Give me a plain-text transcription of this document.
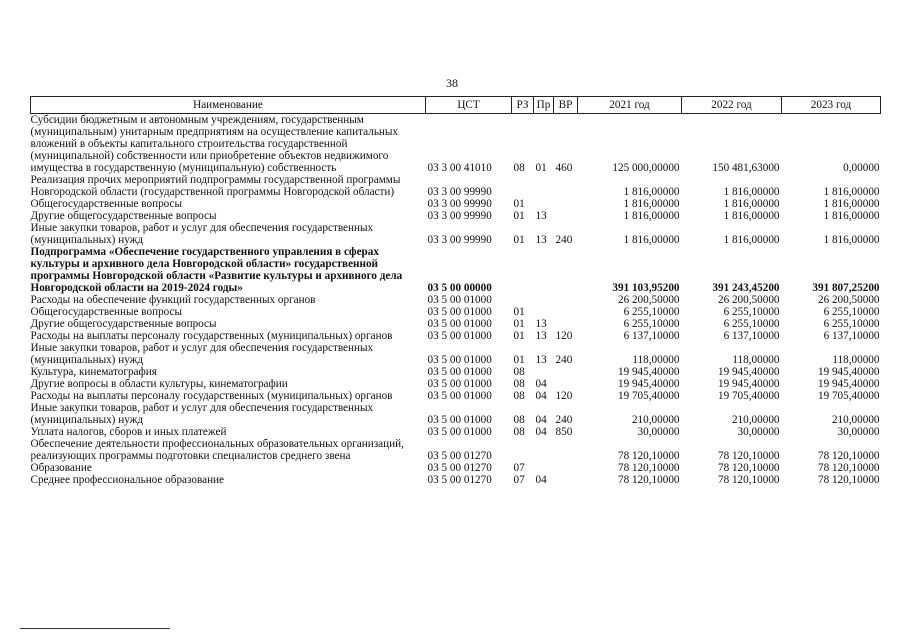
38
Наименование	ЦСТ	РЗ	Пр	ВР	2021 год	2022 год	2023 год
Субсидии бюджетным и автономным учреждениям, государственным (муниципальным) унитарным предприятиям на осуществление капитальных вложений в объекты капитального строительства государственной (муниципальной) собственности или приобретение объектов недвижимого имущества в государственную (муниципальную) собственность	03 3 00 41010	08	01	460	125 000,00000	150 481,63000	0,00000
Реализация прочих мероприятий подпрограммы государственной программы Новгородской области (государственной программы Новгородской области)	03 3 00 99990				1 816,00000	1 816,00000	1 816,00000
Общегосударственные вопросы	03 3 00 99990	01			1 816,00000	1 816,00000	1 816,00000
Другие общегосударственные вопросы	03 3 00 99990	01	13		1 816,00000	1 816,00000	1 816,00000
Иные закупки товаров, работ и услуг для обеспечения государственных (муниципальных) нужд	03 3 00 99990	01	13	240	1 816,00000	1 816,00000	1 816,00000
Подпрограмма «Обеспечение государственного управления в сферах культуры и архивного дела Новгородской области» государственной программы Новгородской области «Развитие культуры и архивного дела Новгородской области на 2019-2024 годы»	03 5 00 00000				391 103,95200	391 243,45200	391 807,25200
Расходы на обеспечение функций государственных органов	03 5 00 01000				26 200,50000	26 200,50000	26 200,50000
Общегосударственные вопросы	03 5 00 01000	01			6 255,10000	6 255,10000	6 255,10000
Другие общегосударственные вопросы	03 5 00 01000	01	13		6 255,10000	6 255,10000	6 255,10000
Расходы на выплаты персоналу государственных (муниципальных) органов	03 5 00 01000	01	13	120	6 137,10000	6 137,10000	6 137,10000
Иные закупки товаров, работ и услуг для обеспечения государственных (муниципальных) нужд	03 5 00 01000	01	13	240	118,00000	118,00000	118,00000
Культура, кинематография	03 5 00 01000	08			19 945,40000	19 945,40000	19 945,40000
Другие вопросы в области культуры, кинематографии	03 5 00 01000	08	04		19 945,40000	19 945,40000	19 945,40000
Расходы на выплаты персоналу государственных (муниципальных) органов	03 5 00 01000	08	04	120	19 705,40000	19 705,40000	19 705,40000
Иные закупки товаров, работ и услуг для обеспечения государственных (муниципальных) нужд	03 5 00 01000	08	04	240	210,00000	210,00000	210,00000
Уплата налогов, сборов и иных платежей	03 5 00 01000	08	04	850	30,00000	30,00000	30,00000
Обеспечение деятельности профессиональных образовательных организаций, реализующих программы подготовки специалистов среднего звена	03 5 00 01270				78 120,10000	78 120,10000	78 120,10000
Образование	03 5 00 01270	07			78 120,10000	78 120,10000	78 120,10000
Среднее профессиональное образование	03 5 00 01270	07	04		78 120,10000	78 120,10000	78 120,10000
